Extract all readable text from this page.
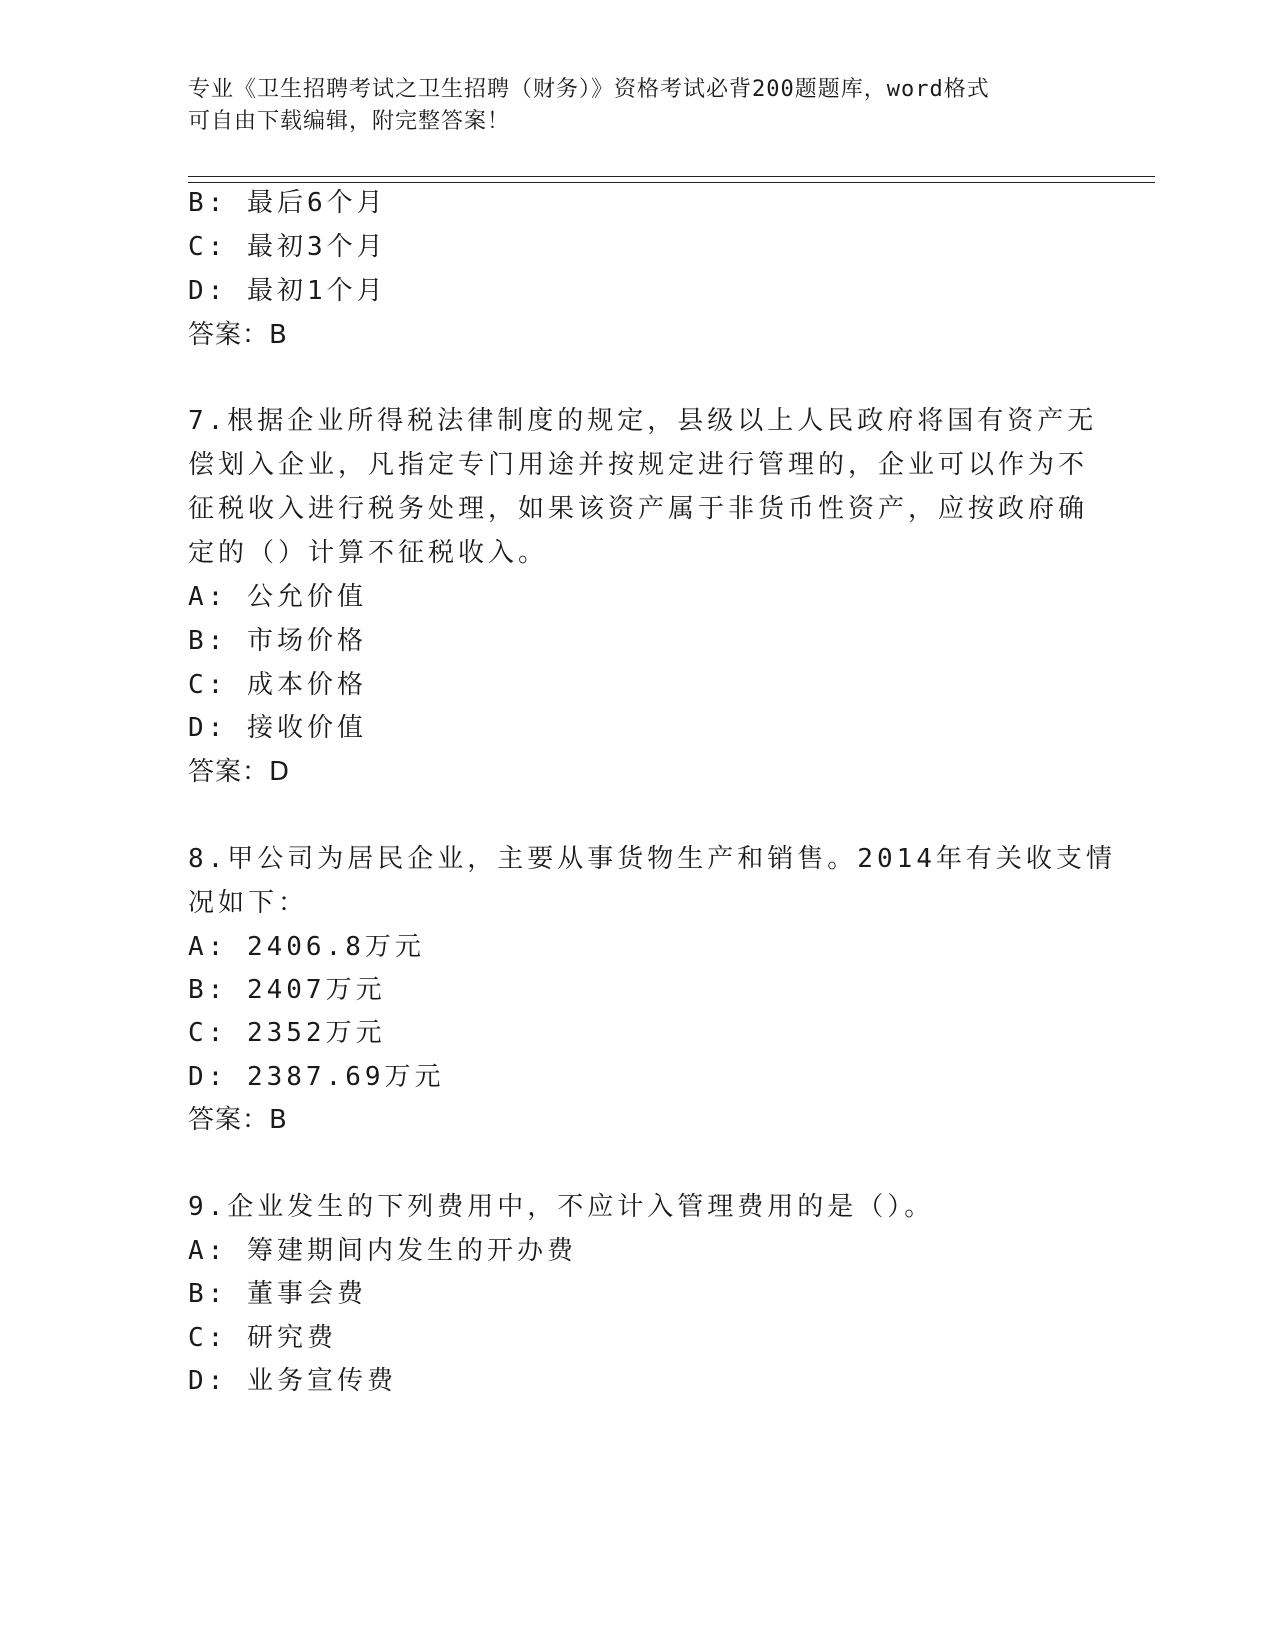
专业《卫生招聘考试之卫生招聘（财务）》资格考试必背200题题库，word格式
可自由下载编辑，附完整答案！
B: 最后6个月
C: 最初3个月
D: 最初1个月
答案：B
7.根据企业所得税法律制度的规定，县级以上人民政府将国有资产无
偿划入企业，凡指定专门用途并按规定进行管理的，企业可以作为不
征税收入进行税务处理，如果该资产属于非货币性资产，应按政府确
定的（）计算不征税收入。
A: 公允价值
B: 市场价格
C: 成本价格
D: 接收价值
答案：D
8.甲公司为居民企业，主要从事货物生产和销售。2014年有关收支情
况如下：
A: 2406.8万元
B: 2407万元
C: 2352万元
D: 2387.69万元
答案：B
9.企业发生的下列费用中，不应计入管理费用的是（）。
A: 筹建期间内发生的开办费
B: 董事会费
C: 研究费
D: 业务宣传费
